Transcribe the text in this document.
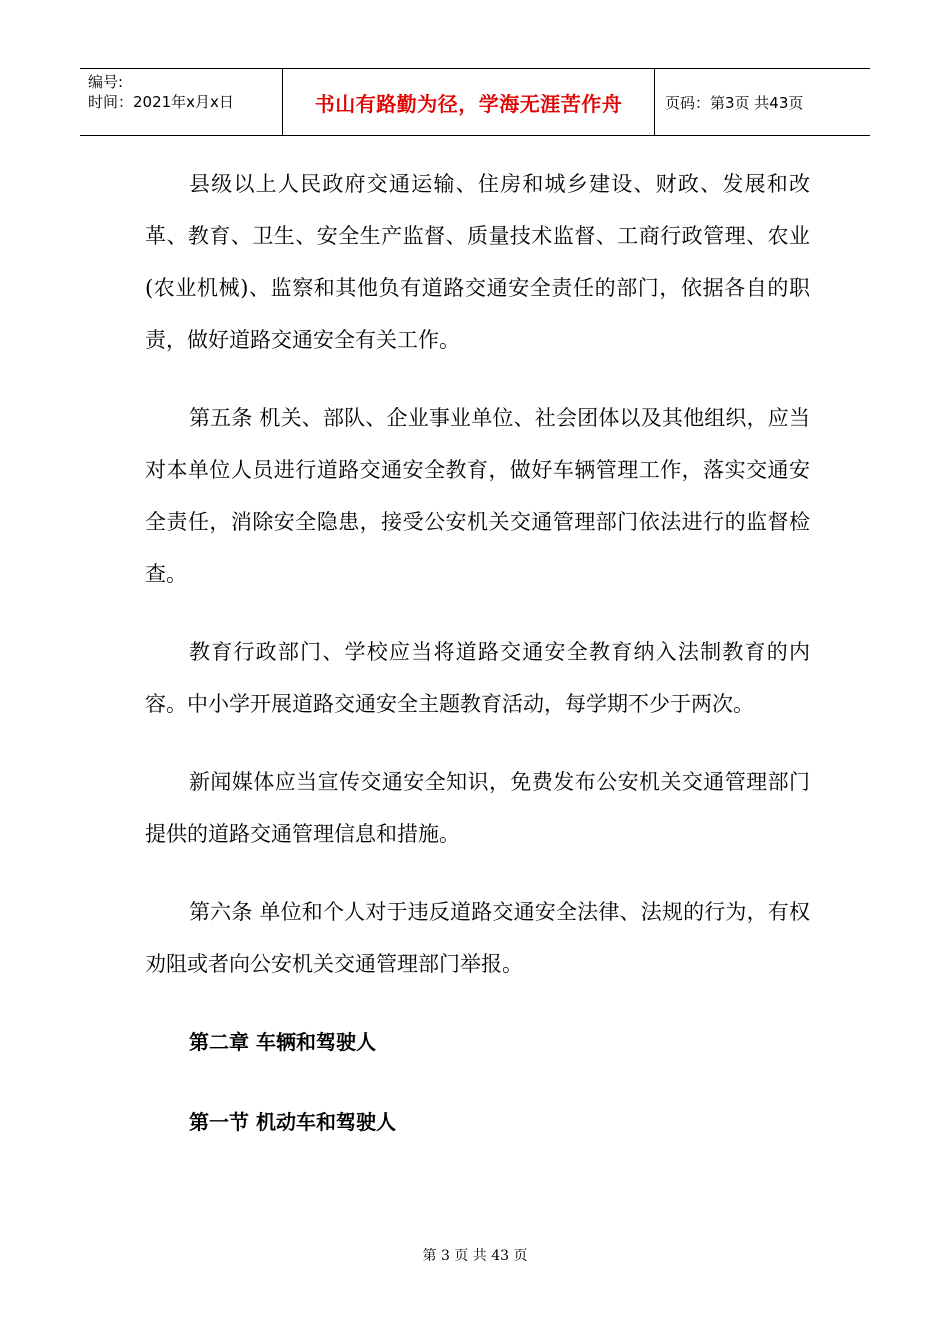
编号:
时间：2021年x月x日	书山有路勤为径，学海无涯苦作舟	页码：第3页 共43页

县级以上人民政府交通运输、住房和城乡建设、财政、发展和改革、教育、卫生、安全生产监督、质量技术监督、工商行政管理、农业(农业机械)、监察和其他负有道路交通安全责任的部门，依据各自的职责，做好道路交通安全有关工作。

第五条 机关、部队、企业事业单位、社会团体以及其他组织，应当对本单位人员进行道路交通安全教育，做好车辆管理工作，落实交通安全责任，消除安全隐患，接受公安机关交通管理部门依法进行的监督检查。

教育行政部门、学校应当将道路交通安全教育纳入法制教育的内容。中小学开展道路交通安全主题教育活动，每学期不少于两次。

新闻媒体应当宣传交通安全知识，免费发布公安机关交通管理部门提供的道路交通管理信息和措施。

第六条 单位和个人对于违反道路交通安全法律、法规的行为，有权劝阻或者向公安机关交通管理部门举报。

第二章 车辆和驾驶人

第一节 机动车和驾驶人

第 3 页 共 43 页
